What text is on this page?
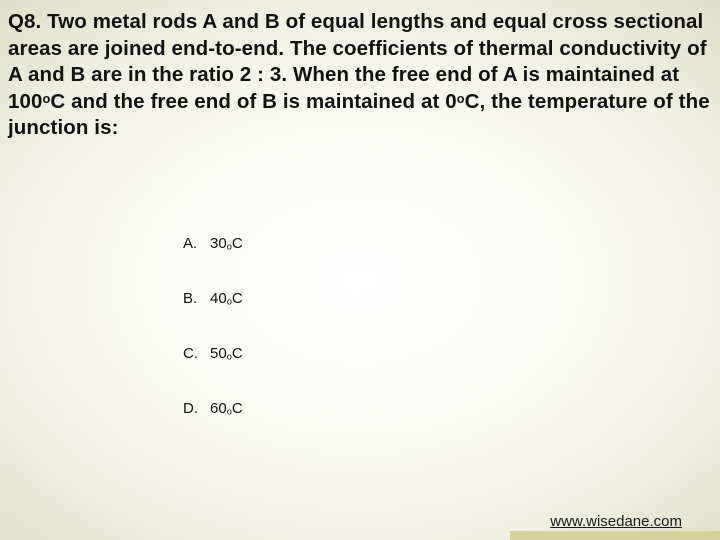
Q8. Two metal rods A and B of equal lengths and equal cross sectional areas are joined end-to-end. The coefficients of thermal conductivity of A and B are in the ratio 2 : 3. When the free end of A is maintained at 100$^o$C and the free end of B is maintained at 0$^o$C, the temperature of the junction is:

A. $30_oC$
B. $40_oC$
C. $50_oC$
D. $60_oC$
www.wisedane.com
